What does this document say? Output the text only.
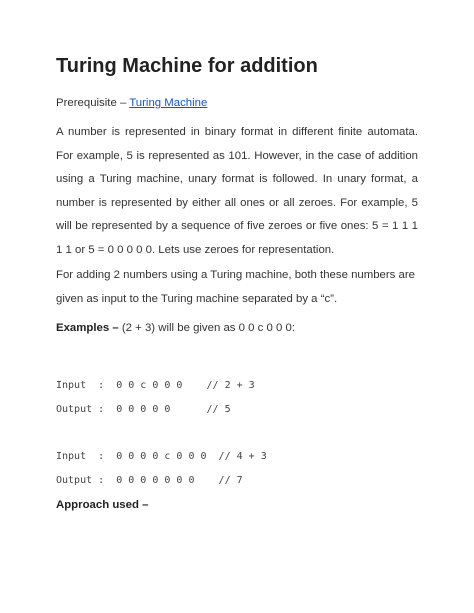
Turing Machine for addition
Prerequisite – Turing Machine

A number is represented in binary format in different finite automata. For example, 5 is represented as 101. However, in the case of addition using a Turing machine, unary format is followed. In unary format, a number is represented by either all ones or all zeroes. For example, 5 will be represented by a sequence of five zeroes or five ones: 5 = 1 1 1 1 1 or 5 = 0 0 0 0 0. Lets use zeroes for representation.

For adding 2 numbers using a Turing machine, both these numbers are given as input to the Turing machine separated by a “c”.

Examples – (2 + 3) will be given as 0 0 c 0 0 0:
Input  :  0 0 c 0 0 0    // 2 + 3
Output :  0 0 0 0 0      // 5
Input  :  0 0 0 0 c 0 0 0  // 4 + 3
Output :  0 0 0 0 0 0 0    // 7
Approach used –
